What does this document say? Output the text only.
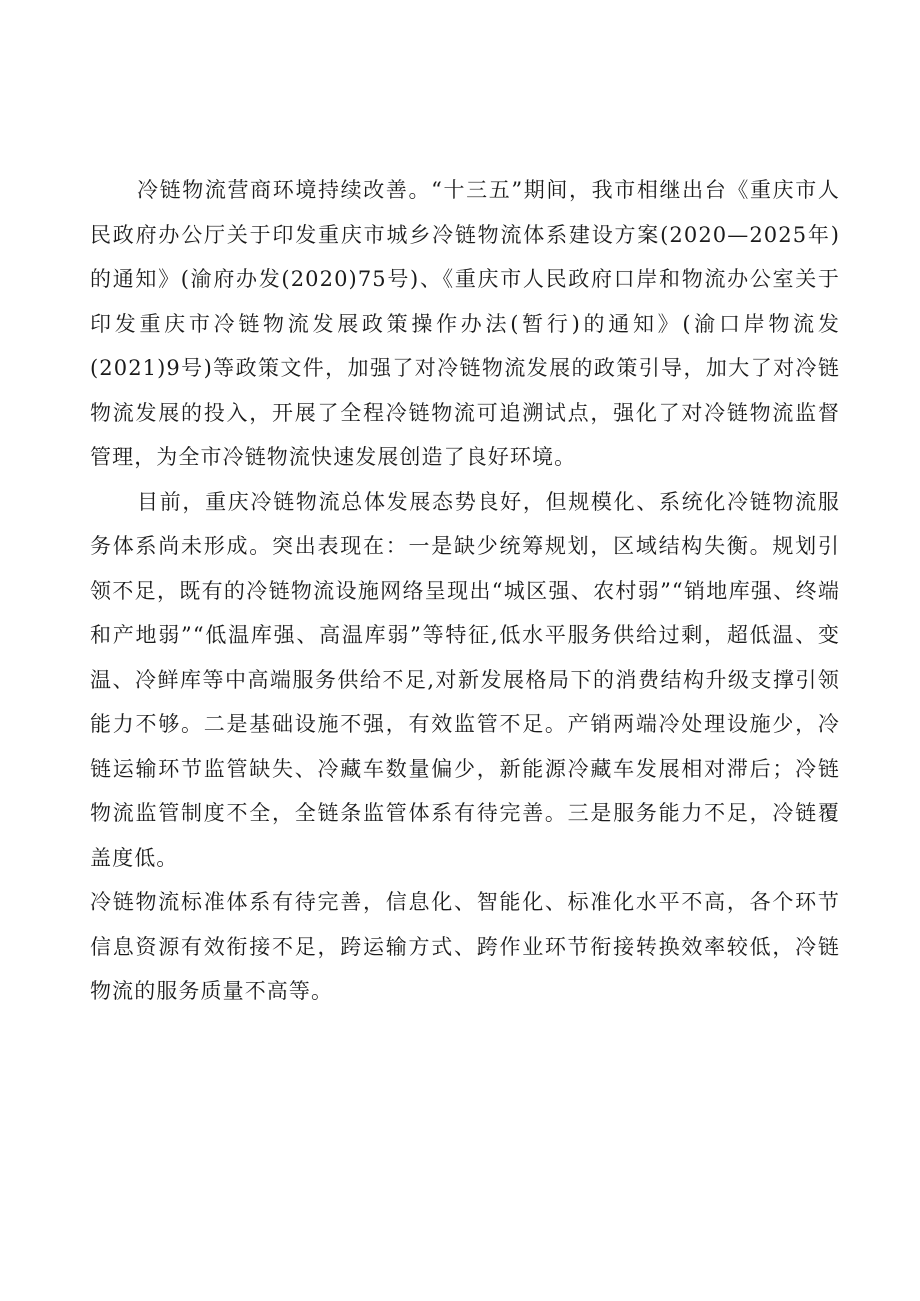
冷链物流营商环境持续改善。“十三五”期间，我市相继出台《重庆市人民政府办公厅关于印发重庆市城乡冷链物流体系建设方案(2020—2025年)的通知》(渝府办发(2020)75号)、《重庆市人民政府口岸和物流办公室关于印发重庆市冷链物流发展政策操作办法(暂行)的通知》(渝口岸物流发(2021)9号)等政策文件，加强了对冷链物流发展的政策引导，加大了对冷链物流发展的投入，开展了全程冷链物流可追溯试点，强化了对冷链物流监督管理，为全市冷链物流快速发展创造了良好环境。

目前，重庆冷链物流总体发展态势良好，但规模化、系统化冷链物流服务体系尚未形成。突出表现在：一是缺少统筹规划，区域结构失衡。规划引领不足，既有的冷链物流设施网络呈现出“城区强、农村弱”“销地库强、终端和产地弱”“低温库强、高温库弱”等特征,低水平服务供给过剩，超低温、变温、冷鲜库等中高端服务供给不足,对新发展格局下的消费结构升级支撑引领能力不够。二是基础设施不强，有效监管不足。产销两端冷处理设施少，冷链运输环节监管缺失、冷藏车数量偏少，新能源冷藏车发展相对滞后；冷链物流监管制度不全，全链条监管体系有待完善。三是服务能力不足，冷链覆盖度低。

冷链物流标准体系有待完善，信息化、智能化、标准化水平不高，各个环节信息资源有效衔接不足，跨运输方式、跨作业环节衔接转换效率较低，冷链物流的服务质量不高等。
